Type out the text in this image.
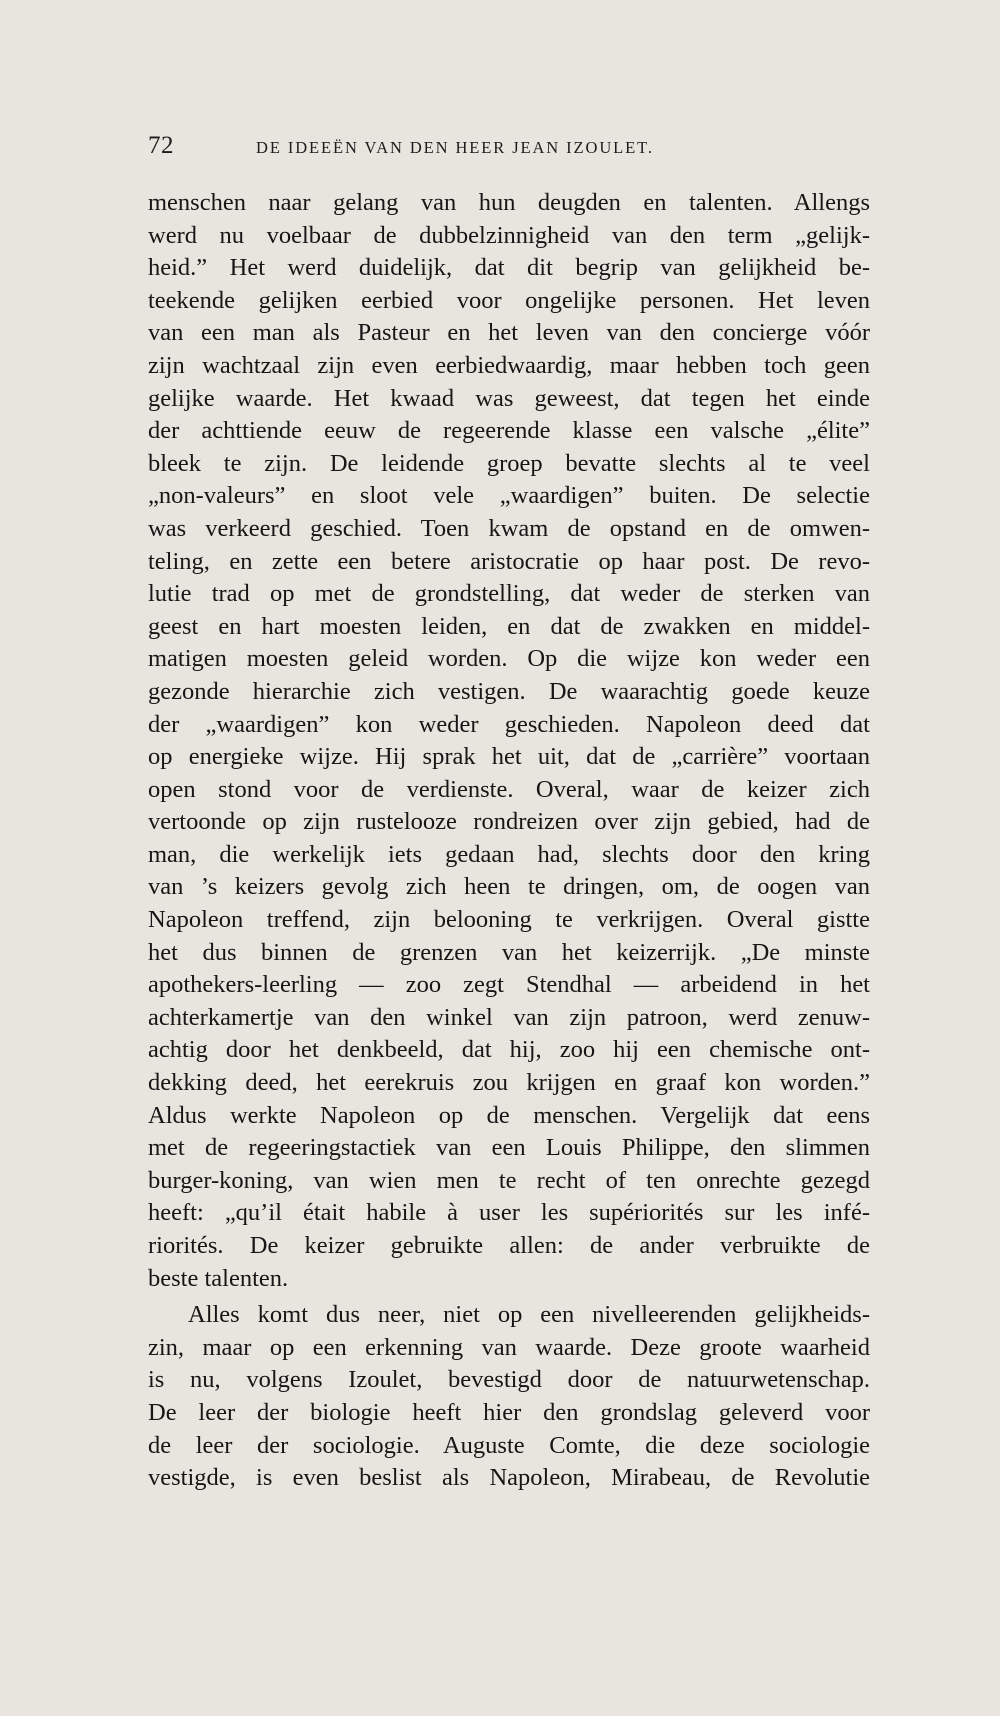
72	DE IDEEËN VAN DEN HEER JEAN IZOULET.
menschen naar gelang van hun deugden en talenten. Allengs
werd nu voelbaar de dubbelzinnigheid van den term „gelijk-
heid.” Het werd duidelijk, dat dit begrip van gelijkheid be-
teekende gelijken eerbied voor ongelijke personen. Het leven
van een man als Pasteur en het leven van den concierge vóór
zijn wachtzaal zijn even eerbiedwaardig, maar hebben toch geen
gelijke waarde. Het kwaad was geweest, dat tegen het einde
der achttiende eeuw de regeerende klasse een valsche „élite”
bleek te zijn. De leidende groep bevatte slechts al te veel
„non-valeurs” en sloot vele „waardigen” buiten. De selectie
was verkeerd geschied. Toen kwam de opstand en de omwen-
teling, en zette een betere aristocratie op haar post. De revo-
lutie trad op met de grondstelling, dat weder de sterken van
geest en hart moesten leiden, en dat de zwakken en middel-
matigen moesten geleid worden. Op die wijze kon weder een
gezonde hierarchie zich vestigen. De waarachtig goede keuze
der „waardigen” kon weder geschieden. Napoleon deed dat
op energieke wijze. Hij sprak het uit, dat de „carrière” voortaan
open stond voor de verdienste. Overal, waar de keizer zich
vertoonde op zijn rustelooze rondreizen over zijn gebied, had de
man, die werkelijk iets gedaan had, slechts door den kring
van ’s keizers gevolg zich heen te dringen, om, de oogen van
Napoleon treffend, zijn belooning te verkrijgen. Overal gistte
het dus binnen de grenzen van het keizerrijk. „De minste
apothekers-leerling — zoo zegt Stendhal — arbeidend in het
achterkamertje van den winkel van zijn patroon, werd zenuw-
achtig door het denkbeeld, dat hij, zoo hij een chemische ont-
dekking deed, het eerekruis zou krijgen en graaf kon worden.”
Aldus werkte Napoleon op de menschen. Vergelijk dat eens
met de regeeringstactiek van een Louis Philippe, den slimmen
burger-koning, van wien men te recht of ten onrechte gezegd
heeft: „qu’il était habile à user les supériorités sur les infé-
riorités. De keizer gebruikte allen: de ander verbruikte de
beste talenten.
Alles komt dus neer, niet op een nivelleerenden gelijkheids-
zin, maar op een erkenning van waarde. Deze groote waarheid
is nu, volgens Izoulet, bevestigd door de natuurwetenschap.
De leer der biologie heeft hier den grondslag geleverd voor
de leer der sociologie. Auguste Comte, die deze sociologie
vestigde, is even beslist als Napoleon, Mirabeau, de Revolutie
